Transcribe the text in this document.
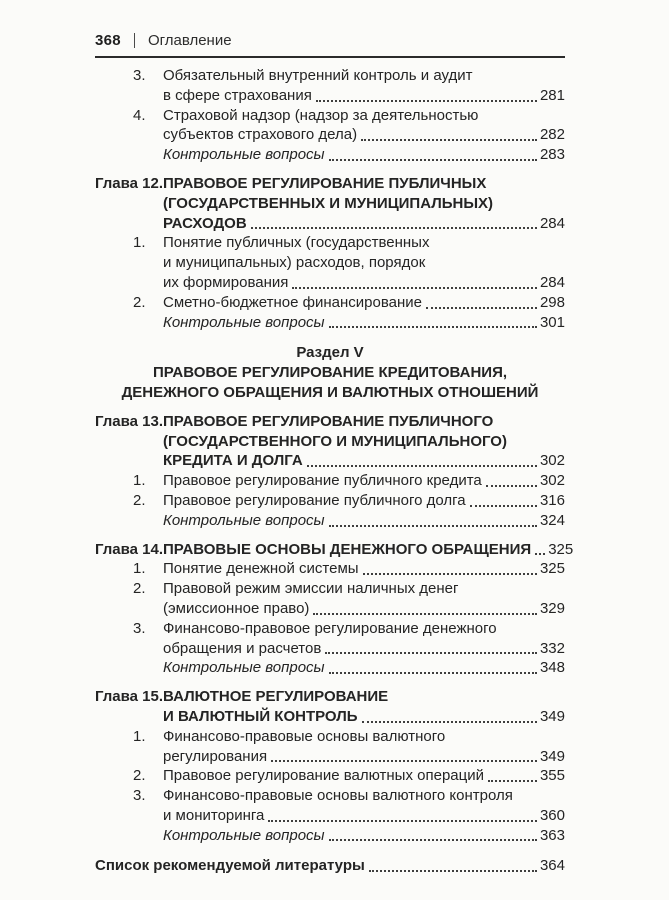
368 Оглавление
3.	Обязательный внутренний контроль и аудит
в сфере страхования	281
4.	Страховой надзор (надзор за деятельностью
субъектов страхового дела)	282
Контрольные вопросы	283
Глава 12. ПРАВОВОЕ РЕГУЛИРОВАНИЕ ПУБЛИЧНЫХ
(ГОСУДАРСТВЕННЫХ И МУНИЦИПАЛЬНЫХ)
РАСХОДОВ	284
1.	Понятие публичных (государственных
и муниципальных) расходов, порядок
их формирования	284
2.	Сметно-бюджетное финансирование	298
Контрольные вопросы	301
Раздел V
ПРАВОВОЕ РЕГУЛИРОВАНИЕ КРЕДИТОВАНИЯ,
ДЕНЕЖНОГО ОБРАЩЕНИЯ И ВАЛЮТНЫХ ОТНОШЕНИЙ
Глава 13. ПРАВОВОЕ РЕГУЛИРОВАНИЕ ПУБЛИЧНОГО
(ГОСУДАРСТВЕННОГО И МУНИЦИПАЛЬНОГО)
КРЕДИТА И ДОЛГА	302
1.	Правовое регулирование публичного кредита	302
2.	Правовое регулирование публичного долга	316
Контрольные вопросы	324
Глава 14. ПРАВОВЫЕ ОСНОВЫ ДЕНЕЖНОГО ОБРАЩЕНИЯ 325
1.	Понятие денежной системы	325
2.	Правовой режим эмиссии наличных денег
(эмиссионное право)	329
3.	Финансово-правовое регулирование денежного
обращения и расчетов	332
Контрольные вопросы	348
Глава 15. ВАЛЮТНОЕ РЕГУЛИРОВАНИЕ
И ВАЛЮТНЫЙ КОНТРОЛЬ	349
1.	Финансово-правовые основы валютного
регулирования	349
2.	Правовое регулирование валютных операций	355
3.	Финансово-правовые основы валютного контроля
и мониторинга	360
Контрольные вопросы	363
Список рекомендуемой литературы	364
